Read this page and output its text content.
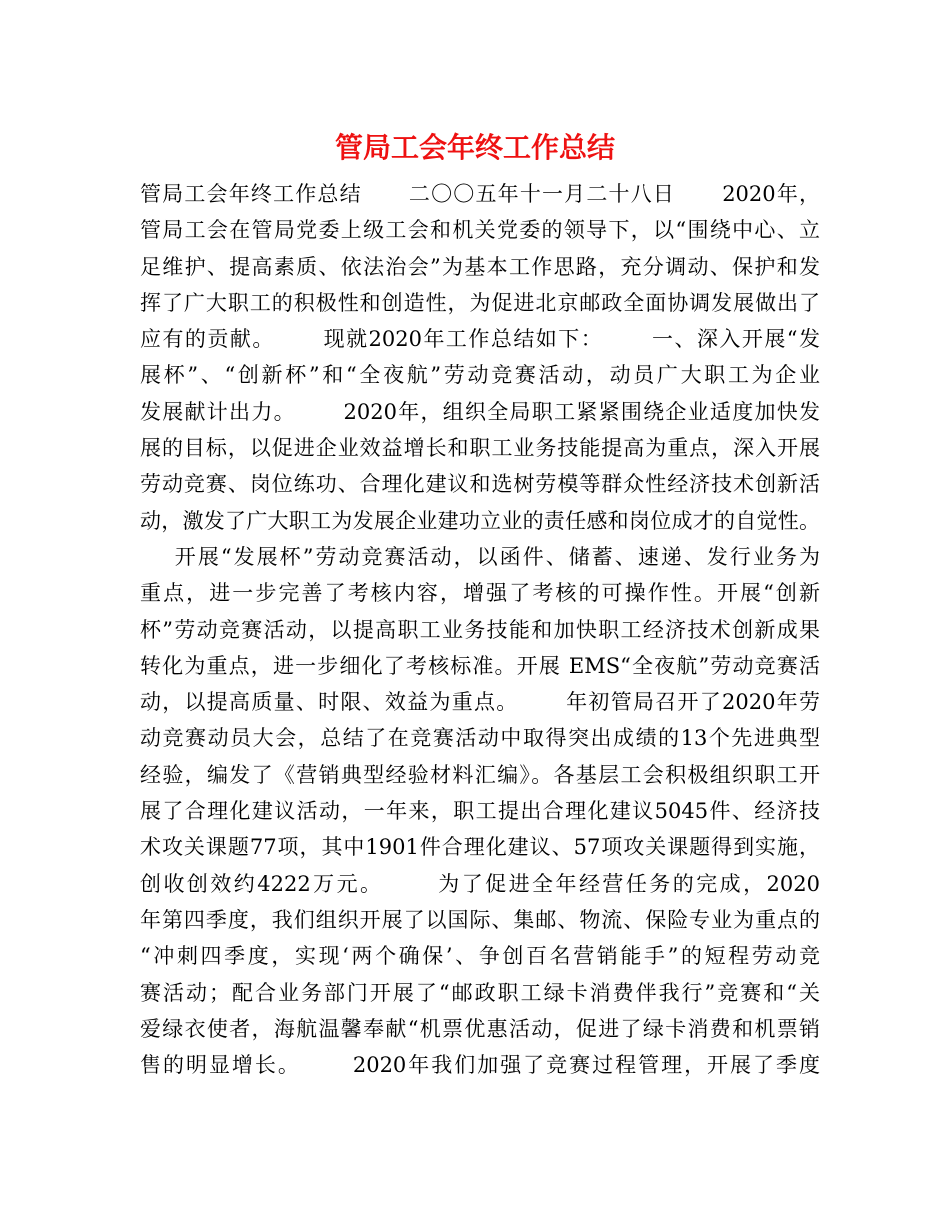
管局工会年终工作总结
管局工会年终工作总结      二〇〇五年十一月二十八日      2020年，
管局工会在管局党委上级工会和机关党委的领导下，以“围绕中心、立
足维护、提高素质、依法治会”为基本工作思路，充分调动、保护和发
挥了广大职工的积极性和创造性，为促进北京邮政全面协调发展做出了
应有的贡献。      现就2020年工作总结如下：      一、深入开展“发
展杯”、“创新杯”和“全夜航”劳动竞赛活动，动员广大职工为企业
发展献计出力。      2020年，组织全局职工紧紧围绕企业适度加快发
展的目标，以促进企业效益增长和职工业务技能提高为重点，深入开展
劳动竞赛、岗位练功、合理化建议和选树劳模等群众性经济技术创新活
动，激发了广大职工为发展企业建功立业的责任感和岗位成才的自觉性。
开展“发展杯”劳动竞赛活动，以函件、储蓄、速递、发行业务为
重点，进一步完善了考核内容，增强了考核的可操作性。开展“创新
杯”劳动竞赛活动，以提高职工业务技能和加快职工经济技术创新成果
转化为重点，进一步细化了考核标准。开展 EMS“全夜航”劳动竞赛活
动，以提高质量、时限、效益为重点。      年初管局召开了2020年劳
动竞赛动员大会，总结了在竞赛活动中取得突出成绩的13个先进典型
经验，编发了《营销典型经验材料汇编》。各基层工会积极组织职工开
展了合理化建议活动，一年来，职工提出合理化建议5045件、经济技
术攻关课题77项，其中1901件合理化建议、57项攻关课题得到实施，
创收创效约4222万元。      为了促进全年经营任务的完成，2020
年第四季度，我们组织开展了以国际、集邮、物流、保险专业为重点的
“冲刺四季度，实现‘两个确保’、争创百名营销能手”的短程劳动竞
赛活动；配合业务部门开展了“邮政职工绿卡消费伴我行”竞赛和“关
爱绿衣使者，海航温馨奉献“机票优惠活动，促进了绿卡消费和机票销
售的明显增长。      2020年我们加强了竞赛过程管理，开展了季度
